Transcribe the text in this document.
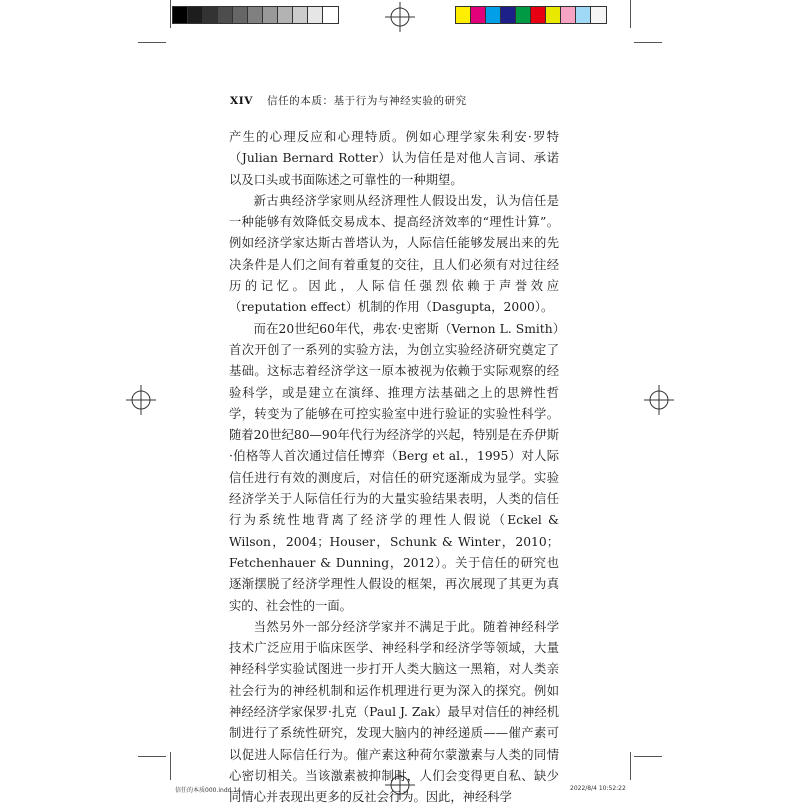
XIV 信任的本质：基于行为与神经实验的研究

产生的心理反应和心理特质。例如心理学家朱利安·罗特（Julian Bernard Rotter）认为信任是对他人言词、承诺以及口头或书面陈述之可靠性的一种期望。

新古典经济学家则从经济理性人假设出发，认为信任是一种能够有效降低交易成本、提高经济效率的“理性计算”。例如经济学家达斯古普塔认为，人际信任能够发展出来的先决条件是人们之间有着重复的交往，且人们必须有对过往经历的记忆。因此，人际信任强烈依赖于声誉效应（reputation effect）机制的作用（Dasgupta，2000）。

而在20世纪60年代，弗农·史密斯（Vernon L. Smith）首次开创了一系列的实验方法，为创立实验经济研究奠定了基础。这标志着经济学这一原本被视为依赖于实际观察的经验科学，或是建立在演绎、推理方法基础之上的思辨性哲学，转变为了能够在可控实验室中进行验证的实验性科学。随着20世纪80—90年代行为经济学的兴起，特别是在乔伊斯·伯格等人首次通过信任博弈（Berg et al.，1995）对人际信任进行有效的测度后，对信任的研究逐渐成为显学。实验经济学关于人际信任行为的大量实验结果表明，人类的信任行为系统性地背离了经济学的理性人假说（Eckel & Wilson，2004；Houser，Schunk & Winter，2010；Fetchenhauer & Dunning，2012）。关于信任的研究也逐渐摆脱了经济学理性人假设的框架，再次展现了其更为真实的、社会性的一面。

当然另外一部分经济学家并不满足于此。随着神经科学技术广泛应用于临床医学、神经科学和经济学等领域，大量神经科学实验试图进一步打开人类大脑这一黑箱，对人类亲社会行为的神经机制和运作机理进行更为深入的探究。例如神经经济学家保罗·扎克（Paul J. Zak）最早对信任的神经机制进行了系统性研究，发现大脑内的神经递质——催产素可以促进人际信任行为。催产素这种荷尔蒙激素与人类的同情心密切相关。当该激素被抑制时，人们会变得更自私、缺少同情心并表现出更多的反社会行为。因此，神经科学

信任的本质000.indd 14	2022/8/4 10:52:22
